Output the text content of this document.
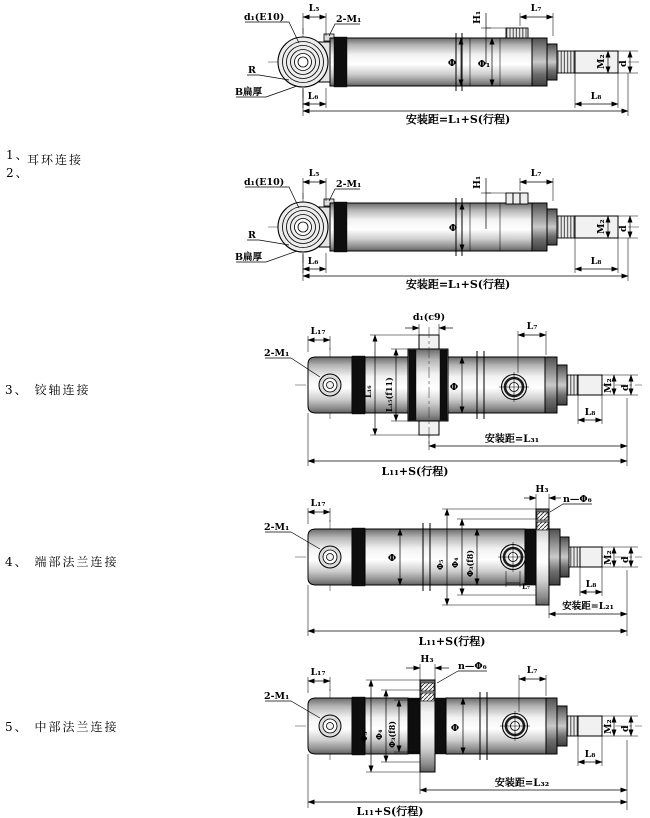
1、
耳环连接
2、
3、 铰轴连接
4、 端部法兰连接
5、 中部法兰连接
L₅
2-M₁	H₁
L₇
Φ Φ₁	M₂ d
L₆	L₈
安装距=L₁+S(行程)
d₁(E10)
R
B扁厚
L₅
2-M₁	H₁
L₇
Φ	M₂ d
L₆	L₈
安装距=L₁+S(行程)
d₁(E10)
R
B扁厚
L₁₇
2-M₁
d₁(c9)
L₁₆ L₁₅(f11)	Φ
L₇
M₂ d
L₈
安装距=L₃₁
L₁₁+S(行程)
L₁₇
2-M₁
Φ
H₃
n—Φ₆
Φ₅ Φ₄ Φ₃(f8)
L₇
M₂ d
L₈
安装距=L₂₁
L₁₁+S(行程)
L₁₇
2-M₁
H₃
n—Φ₆
Φ₅ Φ₄ Φ₃(f8)	Φ
L₇
M₂ d
L₈
安装距=L₃₂
L₁₁+S(行程)
